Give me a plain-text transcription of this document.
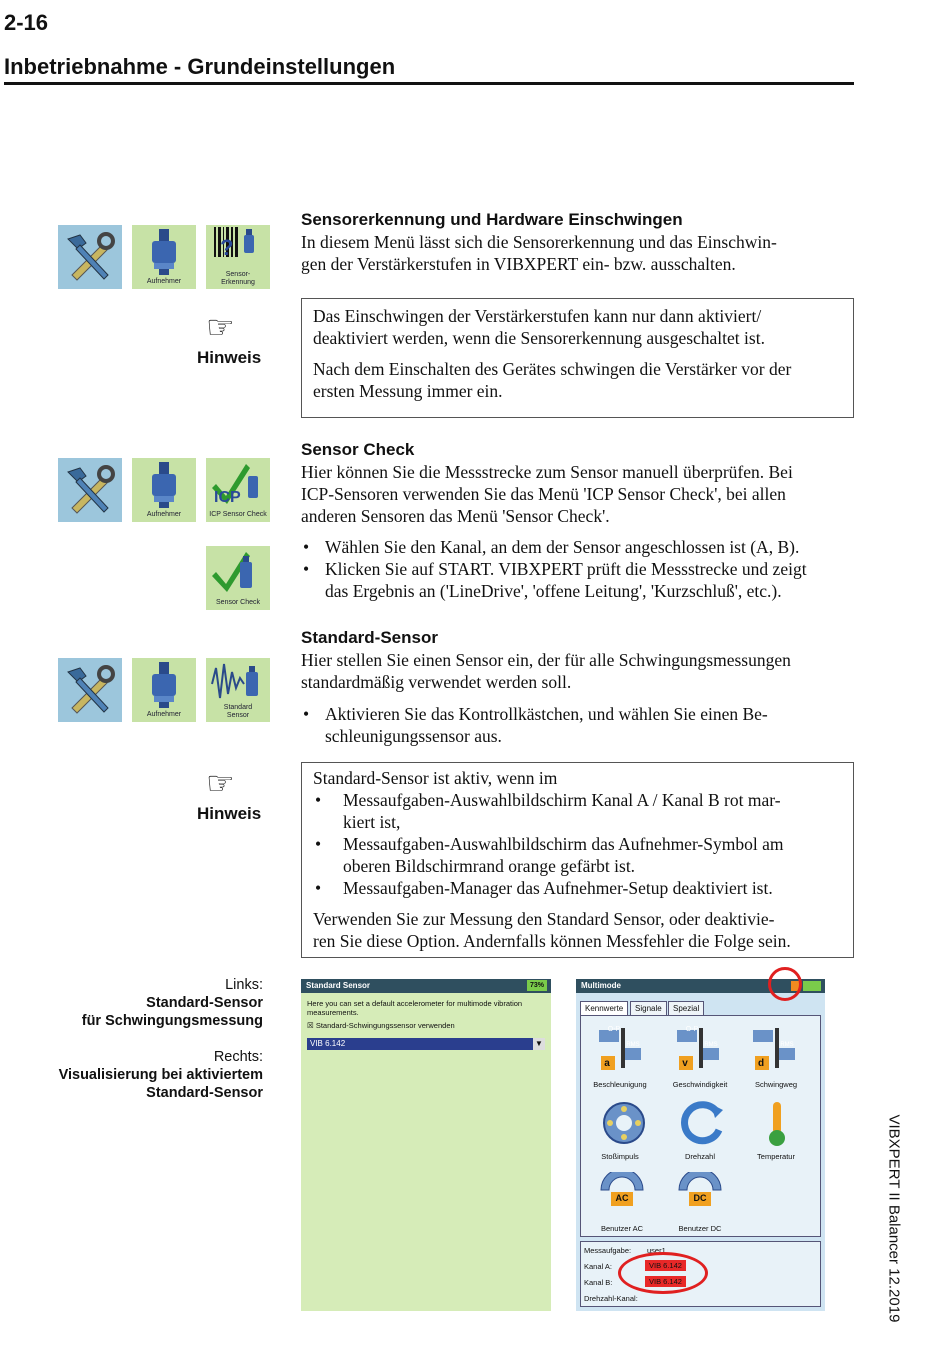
2-16
Inbetriebnahme - Grundeinstellungen
Aufnehmer
?
Sensor-
Erkennung
Sensorerkennung und Hardware Einschwingen
In diesem Menü lässt sich die Sensorerkennung und das Einschwin-
gen der Verstärkerstufen in VIBXPERT ein- bzw. ausschalten.
☞
Hinweis

Das Einschwingen der Verstärkerstufen kann nur dann aktiviert/
deaktiviert werden, wenn die Sensorerkennung ausgeschaltet ist.

Nach dem Einschalten des Gerätes schwingen die Verstärker vor der
ersten Messung immer ein.

Aufnehmer
ICP
ICP Sensor Check
Sensor Check
Sensor Check
Hier können Sie die Messstrecke zum Sensor manuell überprüfen. Bei
ICP-Sensoren verwenden Sie das Menü 'ICP Sensor Check', bei allen
anderen Sensoren das Menü 'Sensor Check'.
• Wählen Sie den Kanal, an dem der Sensor angeschlossen ist (A, B).
• Klicken Sie auf START. VIBXPERT prüft die Messstrecke und zeigt
das Ergebnis an ('LineDrive', 'offene Leitung', 'Kurzschluß', etc.).
Aufnehmer
Standard
Sensor
Standard-Sensor
Hier stellen Sie einen Sensor ein, der für alle Schwingungsmessungen
standardmäßig verwendet werden soll.
• Aktivieren Sie das Kontrollkästchen, und wählen Sie einen Be-
schleunigungssensor aus.
☞
Hinweis
Standard-Sensor ist aktiv, wenn im
• Messaufgaben-Auswahlbildschirm Kanal A / Kanal B rot mar-
kiert ist,
• Messaufgaben-Auswahlbildschirm das Aufnehmer-Symbol am
oberen Bildschirmrand orange gefärbt ist.
• Messaufgaben-Manager das Aufnehmer-Setup deaktiviert ist.
Verwenden Sie zur Messung den Standard Sensor, oder deaktivie-
ren Sie diese Option. Andernfalls können Messfehler die Folge sein.
Links:
Standard-Sensor
für Schwingungsmessung
Rechts:
Visualisierung bei aktiviertem
Standard-Sensor
Standard Sensor	73%
Here you can set a default accelerometer for multimode vibration
measurements.
☒ Standard-Schwingungssensor verwenden
VIB 6.142	▼
Multimode
Kennwerte	Signale	Spezial
O-P
a
RMS
O-P
v
RMS
d
RMS
Beschleunigung	Geschwindigkeit	Schwingweg
Stoßimpuls	Drehzahl	Temperatur
AC	DC
Benutzer AC	Benutzer DC
Messaufgabe: user1
Kanal A:	VIB 6.142
Kanal B:	VIB 6.142
Drehzahl-Kanal:	VIBXPERT II Balancer 12.2019
